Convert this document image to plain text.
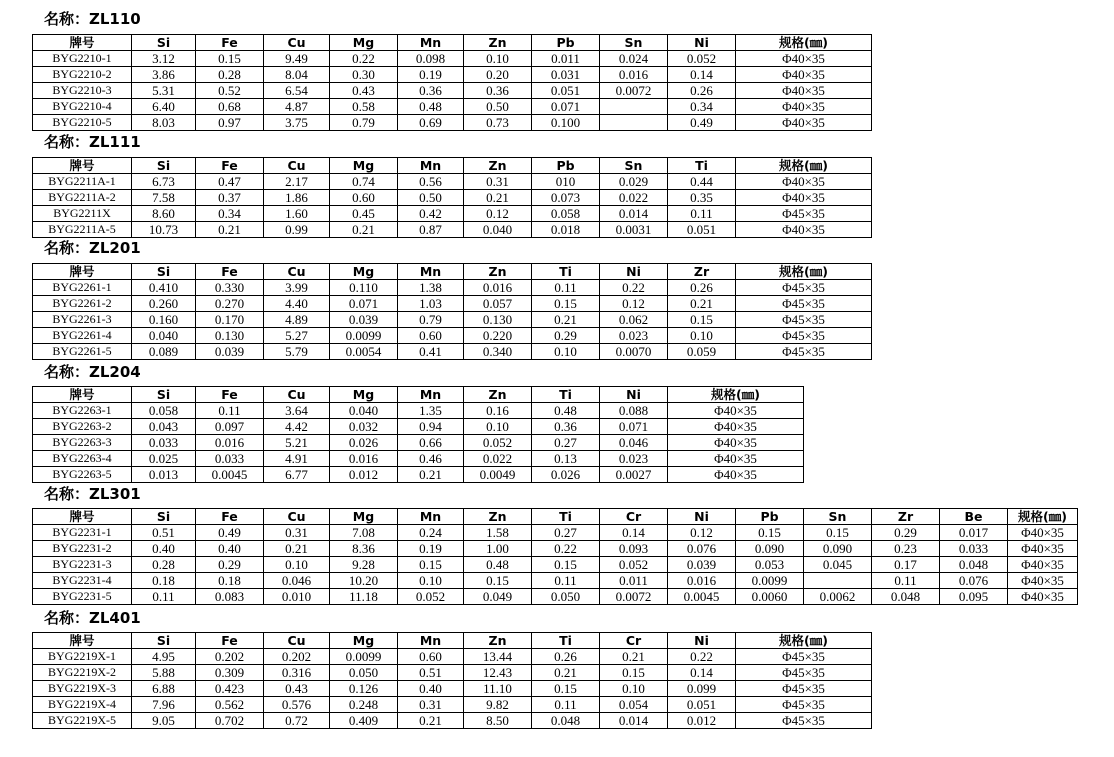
名称：ZL110
牌号	Si	Fe	Cu	Mg	Mn	Zn	Pb	Sn	Ni	规格(㎜)
BYG2210-1	3.12	0.15	9.49	0.22	0.098	0.10	0.011	0.024	0.052	Φ40×35
BYG2210-2	3.86	0.28	8.04	0.30	0.19	0.20	0.031	0.016	0.14	Φ40×35
BYG2210-3	5.31	0.52	6.54	0.43	0.36	0.36	0.051	0.0072	0.26	Φ40×35
BYG2210-4	6.40	0.68	4.87	0.58	0.48	0.50	0.071		0.34	Φ40×35
BYG2210-5	8.03	0.97	3.75	0.79	0.69	0.73	0.100		0.49	Φ40×35
名称：ZL111
牌号	Si	Fe	Cu	Mg	Mn	Zn	Pb	Sn	Ti	规格(㎜)
BYG2211A-1	6.73	0.47	2.17	0.74	0.56	0.31	010	0.029	0.44	Φ40×35
BYG2211A-2	7.58	0.37	1.86	0.60	0.50	0.21	0.073	0.022	0.35	Φ40×35
BYG2211X	8.60	0.34	1.60	0.45	0.42	0.12	0.058	0.014	0.11	Φ45×35
BYG2211A-5	10.73	0.21	0.99	0.21	0.87	0.040	0.018	0.0031	0.051	Φ40×35
名称：ZL201
牌号	Si	Fe	Cu	Mg	Mn	Zn	Ti	Ni	Zr	规格(㎜)
BYG2261-1	0.410	0.330	3.99	0.110	1.38	0.016	0.11	0.22	0.26	Φ45×35
BYG2261-2	0.260	0.270	4.40	0.071	1.03	0.057	0.15	0.12	0.21	Φ45×35
BYG2261-3	0.160	0.170	4.89	0.039	0.79	0.130	0.21	0.062	0.15	Φ45×35
BYG2261-4	0.040	0.130	5.27	0.0099	0.60	0.220	0.29	0.023	0.10	Φ45×35
BYG2261-5	0.089	0.039	5.79	0.0054	0.41	0.340	0.10	0.0070	0.059	Φ45×35
名称：ZL204
牌号	Si	Fe	Cu	Mg	Mn	Zn	Ti	Ni	规格(㎜)
BYG2263-1	0.058	0.11	3.64	0.040	1.35	0.16	0.48	0.088	Φ40×35
BYG2263-2	0.043	0.097	4.42	0.032	0.94	0.10	0.36	0.071	Φ40×35
BYG2263-3	0.033	0.016	5.21	0.026	0.66	0.052	0.27	0.046	Φ40×35
BYG2263-4	0.025	0.033	4.91	0.016	0.46	0.022	0.13	0.023	Φ40×35
BYG2263-5	0.013	0.0045	6.77	0.012	0.21	0.0049	0.026	0.0027	Φ40×35
名称：ZL301
牌号	Si	Fe	Cu	Mg	Mn	Zn	Ti	Cr	Ni	Pb	Sn	Zr	Be	规格(㎜)
BYG2231-1	0.51	0.49	0.31	7.08	0.24	1.58	0.27	0.14	0.12	0.15	0.15	0.29	0.017	Φ40×35
BYG2231-2	0.40	0.40	0.21	8.36	0.19	1.00	0.22	0.093	0.076	0.090	0.090	0.23	0.033	Φ40×35
BYG2231-3	0.28	0.29	0.10	9.28	0.15	0.48	0.15	0.052	0.039	0.053	0.045	0.17	0.048	Φ40×35
BYG2231-4	0.18	0.18	0.046	10.20	0.10	0.15	0.11	0.011	0.016	0.0099		0.11	0.076	Φ40×35
BYG2231-5	0.11	0.083	0.010	11.18	0.052	0.049	0.050	0.0072	0.0045	0.0060	0.0062	0.048	0.095	Φ40×35
名称：ZL401
牌号	Si	Fe	Cu	Mg	Mn	Zn	Ti	Cr	Ni	规格(㎜)
BYG2219X-1	4.95	0.202	0.202	0.0099	0.60	13.44	0.26	0.21	0.22	Φ45×35
BYG2219X-2	5.88	0.309	0.316	0.050	0.51	12.43	0.21	0.15	0.14	Φ45×35
BYG2219X-3	6.88	0.423	0.43	0.126	0.40	11.10	0.15	0.10	0.099	Φ45×35
BYG2219X-4	7.96	0.562	0.576	0.248	0.31	9.82	0.11	0.054	0.051	Φ45×35
BYG2219X-5	9.05	0.702	0.72	0.409	0.21	8.50	0.048	0.014	0.012	Φ45×35
